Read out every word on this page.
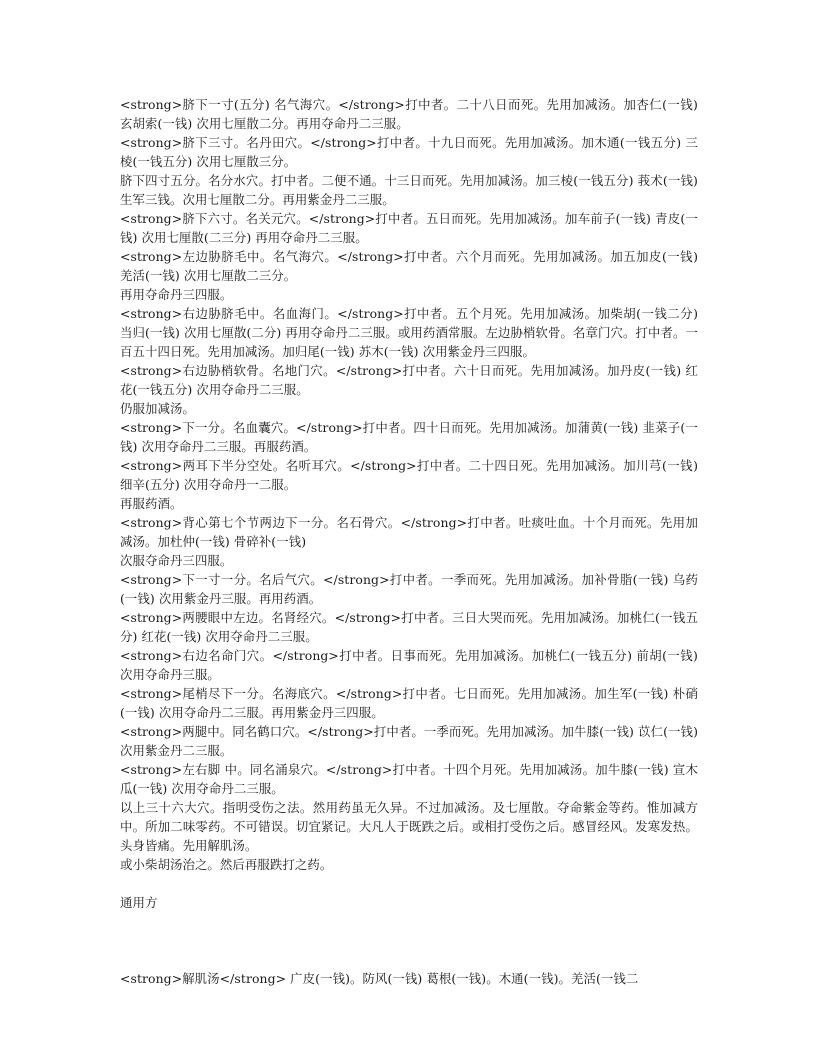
<strong>脐下一寸(五分) 名气海穴。</strong>打中者。二十八日而死。先用加减汤。加杏仁(一钱) 玄胡索(一钱) 次用七厘散二分。再用夺命丹二三服。

<strong>脐下三寸。名丹田穴。</strong>打中者。十九日而死。先用加减汤。加木通(一钱五分) 三棱(一钱五分) 次用七厘散三分。

脐下四寸五分。名分水穴。打中者。二便不通。十三日而死。先用加减汤。加三棱(一钱五分) 莪术(一钱) 生军三钱。次用七厘散二分。再用紫金丹二三服。

<strong>脐下六寸。名关元穴。</strong>打中者。五日而死。先用加减汤。加车前子(一钱) 青皮(一钱) 次用七厘散(二三分) 再用夺命丹二三服。

<strong>左边胁脐毛中。名气海穴。</strong>打中者。六个月而死。先用加减汤。加五加皮(一钱) 羌活(一钱) 次用七厘散二三分。

再用夺命丹三四服。

<strong>右边胁脐毛中。名血海门。</strong>打中者。五个月死。先用加减汤。加柴胡(一钱二分) 当归(一钱) 次用七厘散(二分) 再用夺命丹二三服。或用药酒常服。左边胁梢软骨。名章门穴。打中者。一百五十四日死。先用加减汤。加归尾(一钱) 苏木(一钱) 次用紫金丹三四服。

<strong>右边胁梢软骨。名地门穴。</strong>打中者。六十日而死。先用加减汤。加丹皮(一钱) 红花(一钱五分) 次用夺命丹二三服。

仍服加减汤。

<strong>下一分。名血囊穴。</strong>打中者。四十日而死。先用加减汤。加蒲黄(一钱) 韭菜子(一钱) 次用夺命丹二三服。再服药酒。

<strong>两耳下半分空处。名听耳穴。</strong>打中者。二十四日死。先用加减汤。加川芎(一钱) 细辛(五分) 次用夺命丹一二服。

再服药酒。

<strong>背心第七个节两边下一分。名石骨穴。</strong>打中者。吐痰吐血。十个月而死。先用加减汤。加杜仲(一钱) 骨碎补(一钱)

次服夺命丹三四服。

<strong>下一寸一分。名后气穴。</strong>打中者。一季而死。先用加减汤。加补骨脂(一钱) 乌药(一钱) 次用紫金丹三服。再用药酒。

<strong>两腰眼中左边。名肾经穴。</strong>打中者。三日大哭而死。先用加减汤。加桃仁(一钱五分) 红花(一钱) 次用夺命丹二三服。

<strong>右边名命门穴。</strong>打中者。日事而死。先用加减汤。加桃仁(一钱五分) 前胡(一钱) 次用夺命丹三服。

<strong>尾梢尽下一分。名海底穴。</strong>打中者。七日而死。先用加减汤。加生军(一钱) 朴硝(一钱) 次用夺命丹二三服。再用紫金丹三四服。

<strong>两腿中。同名鹤口穴。</strong>打中者。一季而死。先用加减汤。加牛膝(一钱) 苡仁(一钱) 次用紫金丹二三服。

<strong>左右脚 中。同名涌泉穴。</strong>打中者。十四个月死。先用加减汤。加牛膝(一钱) 宣木瓜(一钱) 次用夺命丹二三服。

以上三十六大穴。指明受伤之法。然用药虽无久异。不过加减汤。及七厘散。夺命紫金等药。惟加减方中。所加二味零药。不可错误。切宜紧记。大凡人于既跌之后。或相打受伤之后。感冒经风。发寒发热。头身皆痛。先用解肌汤。

或小柴胡汤治之。然后再服跌打之药。

通用方

<strong>解肌汤</strong> 广皮(一钱)。防风(一钱) 葛根(一钱)。木通(一钱)。羌活(一钱二
